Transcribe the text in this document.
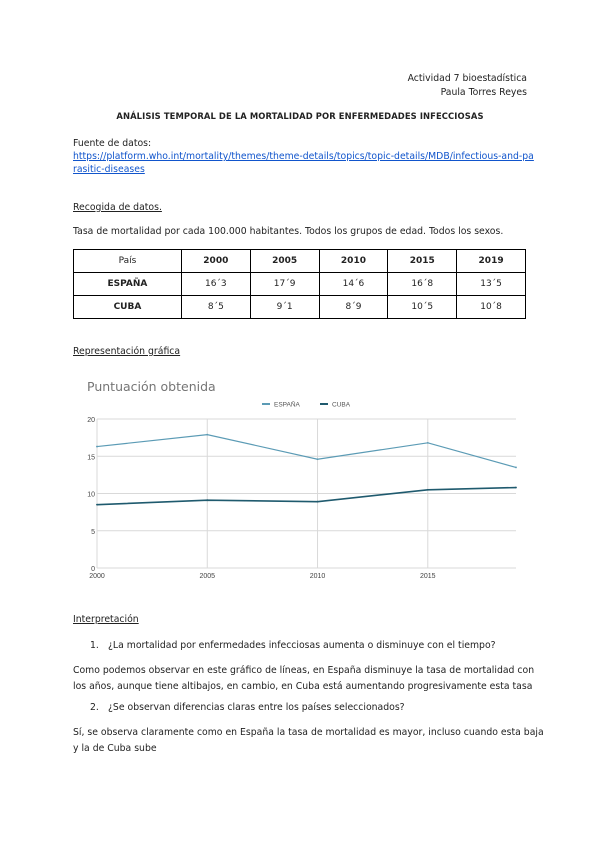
Actividad 7 bioestadística
Paula Torres Reyes
ANÁLISIS TEMPORAL DE LA MORTALIDAD POR ENFERMEDADES INFECCIOSAS
Fuente de datos:
https://platform.who.int/mortality/themes/theme-details/topics/topic-details/MDB/infectious-and-pa
rasitic-diseases
Recogida de datos.
Tasa de mortalidad por cada 100.000 habitantes. Todos los grupos de edad. Todos los sexos.
País	2000	2005	2010	2015	2019
ESPAÑA	16´3	17´9	14´6	16´8	13´5
CUBA	8´5	9´1	8´9	10´5	10´8
Representación gráfica
Puntuación obtenida
0
5
10
15
20
2000	2005	2010	2015
ESPAÑA	CUBA
Interpretación
1. ¿La mortalidad por enfermedades infecciosas aumenta o disminuye con el tiempo?
Como podemos observar en este gráfico de líneas, en España disminuye la tasa de mortalidad con
los años, aunque tiene altibajos, en cambio, en Cuba está aumentando progresivamente esta tasa
2. ¿Se observan diferencias claras entre los países seleccionados?
Sí, se observa claramente como en España la tasa de mortalidad es mayor, incluso cuando esta baja
y la de Cuba sube
